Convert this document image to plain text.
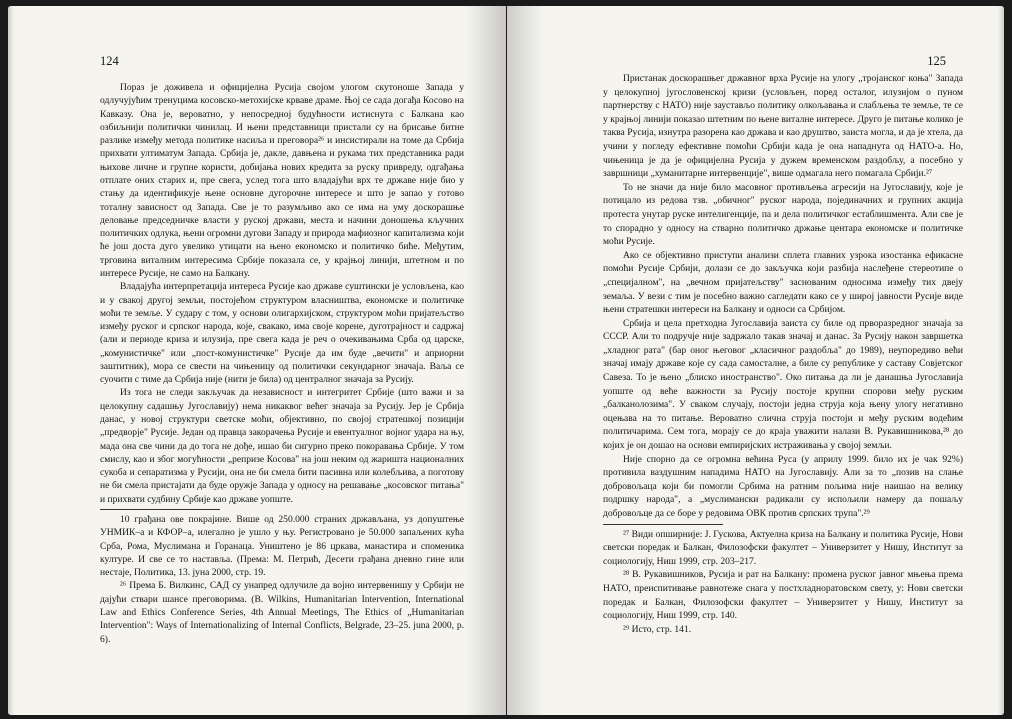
124

Пораз је доживела и официјелна Русија својом улогом скутоноше Запада у одлучујућим тренуцима косовско-метохијске крваве драме. Њој се сада догађа Косово на Кавказу. Она је, вероватно, у непосредној будућности истиснута с Балкана као озбиљнији политички чинилац. И њени представници пристали су на брисање битне разлике између метода политике насиља и преговора²⁶ и инсистирали на томе да Србија прихвати ултиматум Запада. Србија је, дакле, давњена и рукама тих представника ради њихове личне и групне користи, добијања нових кредита за руску привреду, одгађања отплате оних старих и, пре свега, услед тога што владајући врх те државе није био у стању да идентификује њене основне дугорочне интересе и што је запао у готово тоталну зависност од Запада. Све је то разумљиво ако се има на уму доскорашње деловање председничке власти у руској држави, места и начини доношења кључних политичких одлука, њени огромни дугови Западу и природа мафиозног капитализма који ће још доста дуго увелико утицати на њено економско и политичко биће. Међутим, трговина виталним интересима Србије показала се, у крајњој линији, штетном и по интересе Русије, не само на Балкану.

Владајућа интерпретација интереса Русије као државе суштински је условљена, као и у свакој другој земљи, постојећом структуром власништва, економске и политичке моћи те земље. У судару с том, у основи олигархијском, структуром моћи пријатељство између руског и српског народа, које, свакако, има своје корене, дуготрајност и садржај (али и периоде криза и илузија, пре свега када је реч о очекивањима Срба од царске, „комунистичке" или „пост-комунистичке" Русије да им буде „вечити" и априорни заштитник), мора се свести на чињеницу од политички секундарног значаја. Ваља се суочити с тиме да Србија није (нити је била) од централног значаја за Русију.

Из тога не следи закључак да независност и интегритет Србије (што важи и за целокупну садашњу Југославију) нема никаквог већег значаја за Русију. Јер је Србија данас, у новој структури светске моћи, објективно, по својој стратешкој позицији „предворје" Русије. Један од правца закорачења Русије и евентуалног војног удара на њу, мада она све чини да до тога не дође, ишао би сигурно преко покоравања Србије. У том смислу, као и због могућности „репризе Косова" на још неким од жаришта националних сукоба и сепаратизма у Русији, она не би смела бити пасивна или колебљива, а поготову не би смела пристајати да буде оружје Запада у односу на решавање „косовског питања" и прихвати судбину Србије као државе уопште.

10 грађана ове покрајине. Више од 250.000 страних држављана, уз допуштење УНМИК–а и КФОР–а, илегално је ушло у њу. Регистровано је 50.000 запаљених кућа Срба, Рома, Муслимана и Горанаца. Уништено је 86 цркава, манастира и споменика културе. И све се то наставља. (Према: М. Петрић, Десети грађана дневно гине или нестаје, Политика, 13. јуна 2000, стр. 19.

²⁶ Према Б. Вилкинс, САД су унапред одлучиле да војно интервенишу у Србији не дајући ствари шансе преговорима. (B. Wilkins, Humanitarian Intervention, International Law and Ethics Conference Series, 4th Annual Meetings, The Ethics of „Humanitarian Intervention": Ways of Internationalizing of Internal Conflicts, Belgrade, 23–25. juna 2000, p. 6).

125

Пристанак доскорашњег државног врха Русије на улогу „тројанског коња" Запада у целокупној југословенској кризи (условљен, поред осталог, илузијом о пуном партнерству с НАТО) није заустављо политику олкољавања и слабљења те земље, те се у крајњој линији показао штетним по њене виталне интересе. Друго је питање колико је таква Русија, изнутра разорена као држава и као друштво, заиста могла, и да је хтела, да учини у погледу ефективне помоћи Србији када је она нападнута од НАТО-а. Но, чињеница је да је официјелна Русија у дужем временском раздобљу, а посебно у завршници „хуманитарне интервенције", више одмагала него помагала Србији.²⁷

То не значи да није било масовног противљења агресији на Југославију, које је потицало из редова тзв. „обичног" руског народа, појединачних и групних акција протеста унутар руске интелигенције, па и дела политичког естаблишмента. Али све је то спорадно у односу на стварно политичко држање центара економске и политичке моћи Русије.

Ако се објективно приступи анализи сплета главних узрока изостанка ефикасне помоћи Русије Србији, долази се до закључка који разбија наслеђене стереотипе о „специјалном", на „вечном пријатељству" заснованим односима између тих двеју земаља. У вези с тим је посебно важно сагледати како се у широј јавности Русије виде њени стратешки интереси на Балкану и односи са Србијом.

Србија и цела претходна Југославија заиста су биле од прворазредног значаја за СССР. Али то подручје није задржало такав значај и данас. За Русију након завршетка „хладног рата" (бар оног његовог „класичног раздобља" до 1989), неупоредиво већи значај имају државе које су сада самосталне, а биле су републике у саставу Совјетског Савеза. То је њено „блиско иностранство". Око питања да ли је данашња Југославија уопште од веће важности за Русију постоје крупни спорови међу руским „балканолозима". У сваком случају, постоји једна струја која њену улогу негативно оцењава на то питање. Вероватно слична струја постоји и међу руским водећим политичарима. Сем тога, морају се до краја уважити налази В. Рукавишникова,²⁸ до којих је он дошао на основи емпиријских истраживања у својој земљи.

Није спорно да се огромна већина Руса (у априлу 1999. било их је чак 92%) противила ваздушним нападима НАТО на Југославију. Али за то „позив на слање добровољаца који би помогли Србима на ратним пољима није наишао на велику подршку народа", а „муслимански радикали су испољили намеру да пошаљу добровољце да се боре у редовима ОВК против српских трупа".²⁹

²⁷ Види опширније: Ј. Гускова, Актуелна криза на Балкану и политика Русије, Нови светски поредак и Балкан, Филозофски факултет – Универзитет у Нишу, Институт за социологију, Ниш 1999, стр. 203–217.

²⁸ В. Рукавишников, Русија и рат на Балкану: промена руског јавног мњења према НАТО, преиспитивање равнотеже снага у постхладноратовском свету, у: Нови светски поредак и Балкан, Филозофски факултет – Универзитет у Нишу, Институт за социологију, Ниш 1999, стр. 140.

²⁹ Исто, стр. 141.
